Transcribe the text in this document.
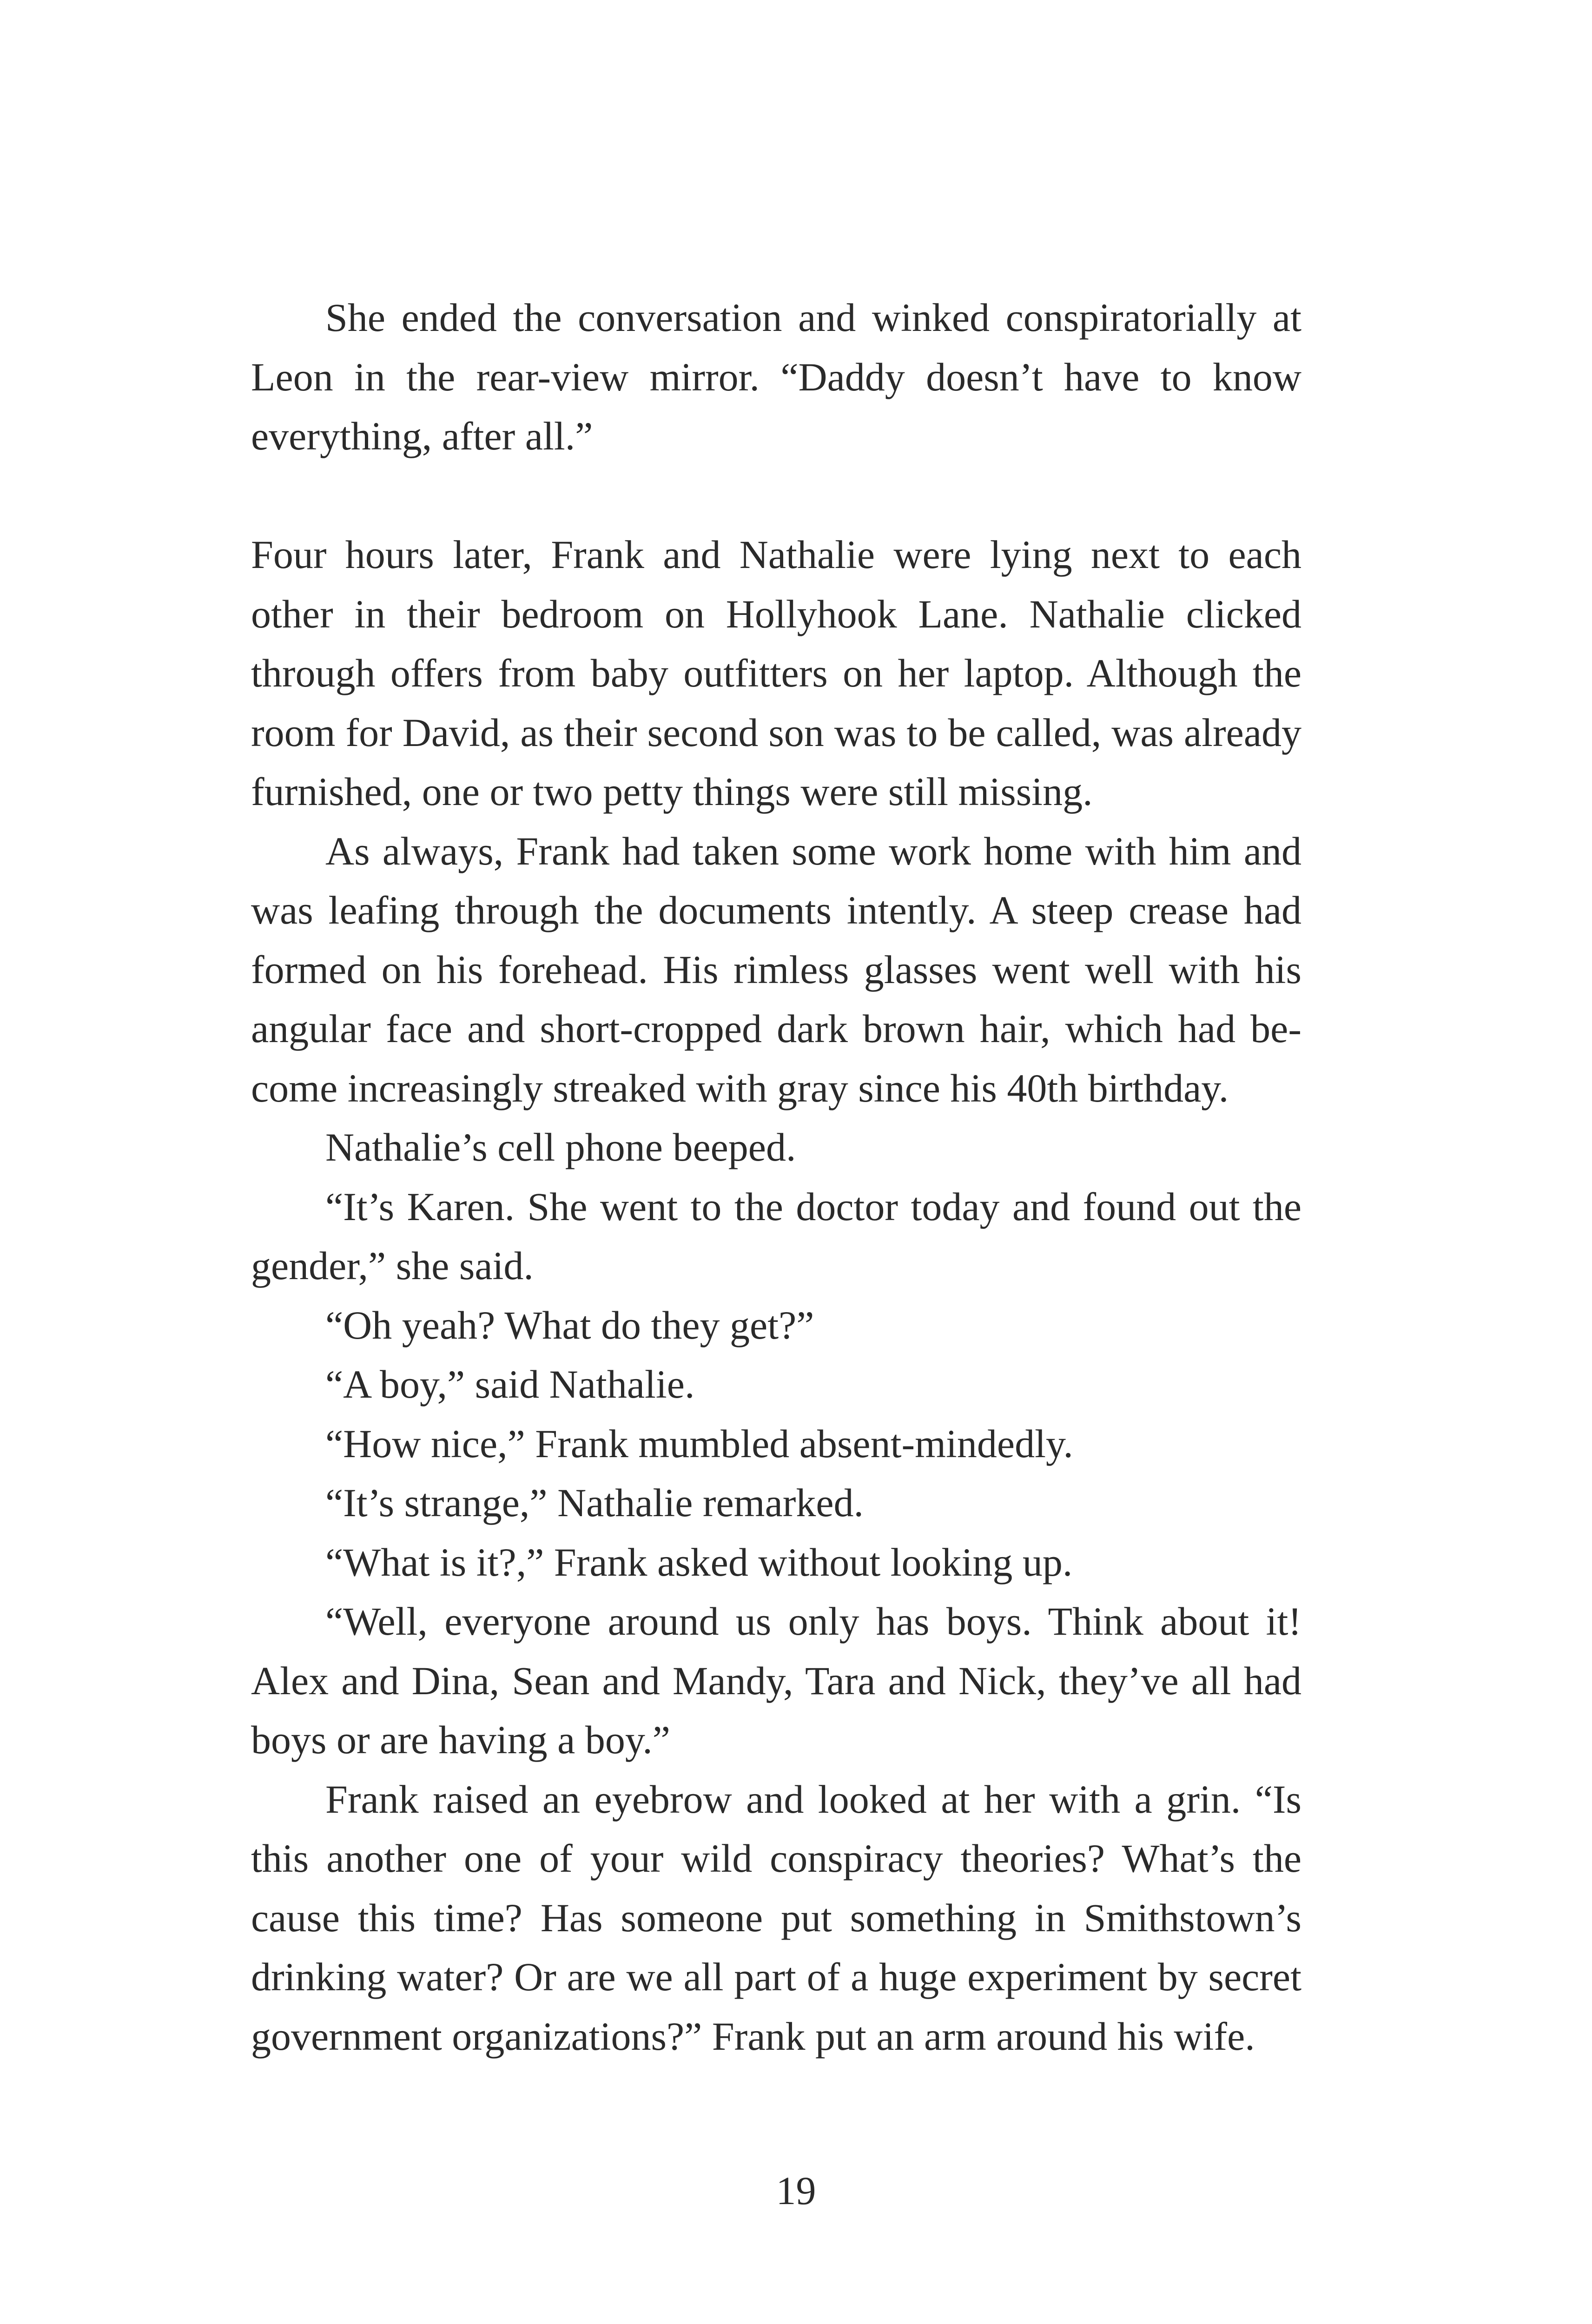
She ended the conversation and winked conspiratorially at Leon in the rear-view mirror. “Daddy doesn’t have to know everything, after all.”

Four hours later, Frank and Nathalie were lying next to each other in their bedroom on Hollyhook Lane. Nathalie clicked through offers from baby outfitters on her laptop. Although the room for David, as their second son was to be called, was already furnished, one or two petty things were still missing.

As always, Frank had taken some work home with him and was leafing through the documents intently. A steep crease had formed on his forehead. His rimless glasses went well with his angular face and short-cropped dark brown hair, which had become increasingly streaked with gray since his 40th birthday.

Nathalie’s cell phone beeped.

“It’s Karen. She went to the doctor today and found out the gender,” she said.

“Oh yeah? What do they get?”

“A boy,” said Nathalie.

“How nice,” Frank mumbled absent-mindedly.

“It’s strange,” Nathalie remarked.

“What is it?,” Frank asked without looking up.

“Well, everyone around us only has boys. Think about it! Alex and Dina, Sean and Mandy, Tara and Nick, they’ve all had boys or are having a boy.”

Frank raised an eyebrow and looked at her with a grin. “Is this another one of your wild conspiracy theories? What’s the cause this time? Has someone put something in Smithstown’s drinking water? Or are we all part of a huge experiment by secret government organizations?” Frank put an arm around his wife.

19
